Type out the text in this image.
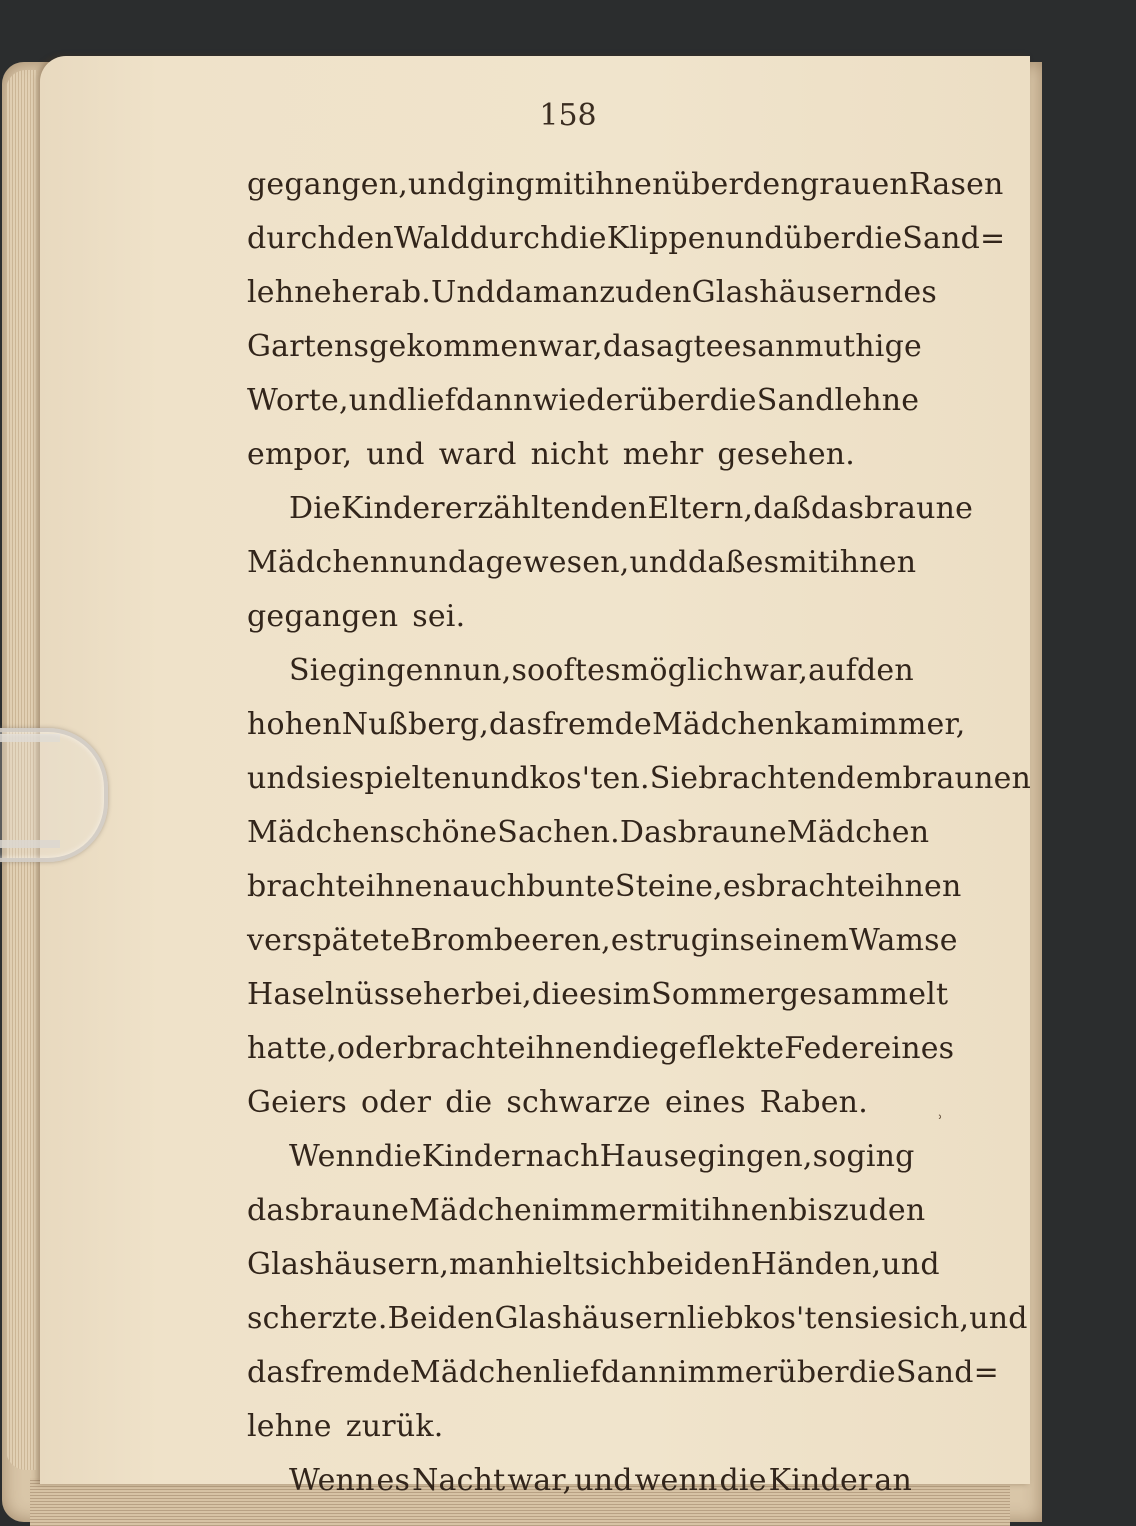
158
gegangen, und ging mit ihnen über den grauen Rasen
durch den Wald durch die Klippen und über die Sand=
lehne herab. Und da man zu den Glashäusern des
Gartens gekommen war, da sagte es anmuthige
Worte, und lief dann wieder über die Sandlehne
empor, und ward nicht mehr gesehen.
Die Kinder erzählten den Eltern, daß das braune
Mädchen nun da gewesen, und daß es mit ihnen
gegangen sei.
Sie gingen nun, so oft es möglich war, auf den
hohen Nußberg, das fremde Mädchen kam immer,
und sie spielten und kos'ten. Sie brachten dem braunen
Mädchen schöne Sachen. Das braune Mädchen
brachte ihnen auch bunte Steine, es brachte ihnen
verspätete Brombeeren, es trug in seinem Wamse
Haselnüsse herbei, die es im Sommer gesammelt
hatte, oder brachte ihnen die geflekte Feder eines
Geiers oder die schwarze eines Raben.
Wenn die Kinder nach Hause gingen, so ging
das braune Mädchen immer mit ihnen bis zu den
Glashäusern, man hielt sich bei den Händen, und
scherzte. Bei den Glashäusern liebkos'ten sie sich, und
das fremde Mädchen lief dann immer über die Sand=
lehne zurük.
Wenn es Nacht war, und wenn die Kinder an
˒
